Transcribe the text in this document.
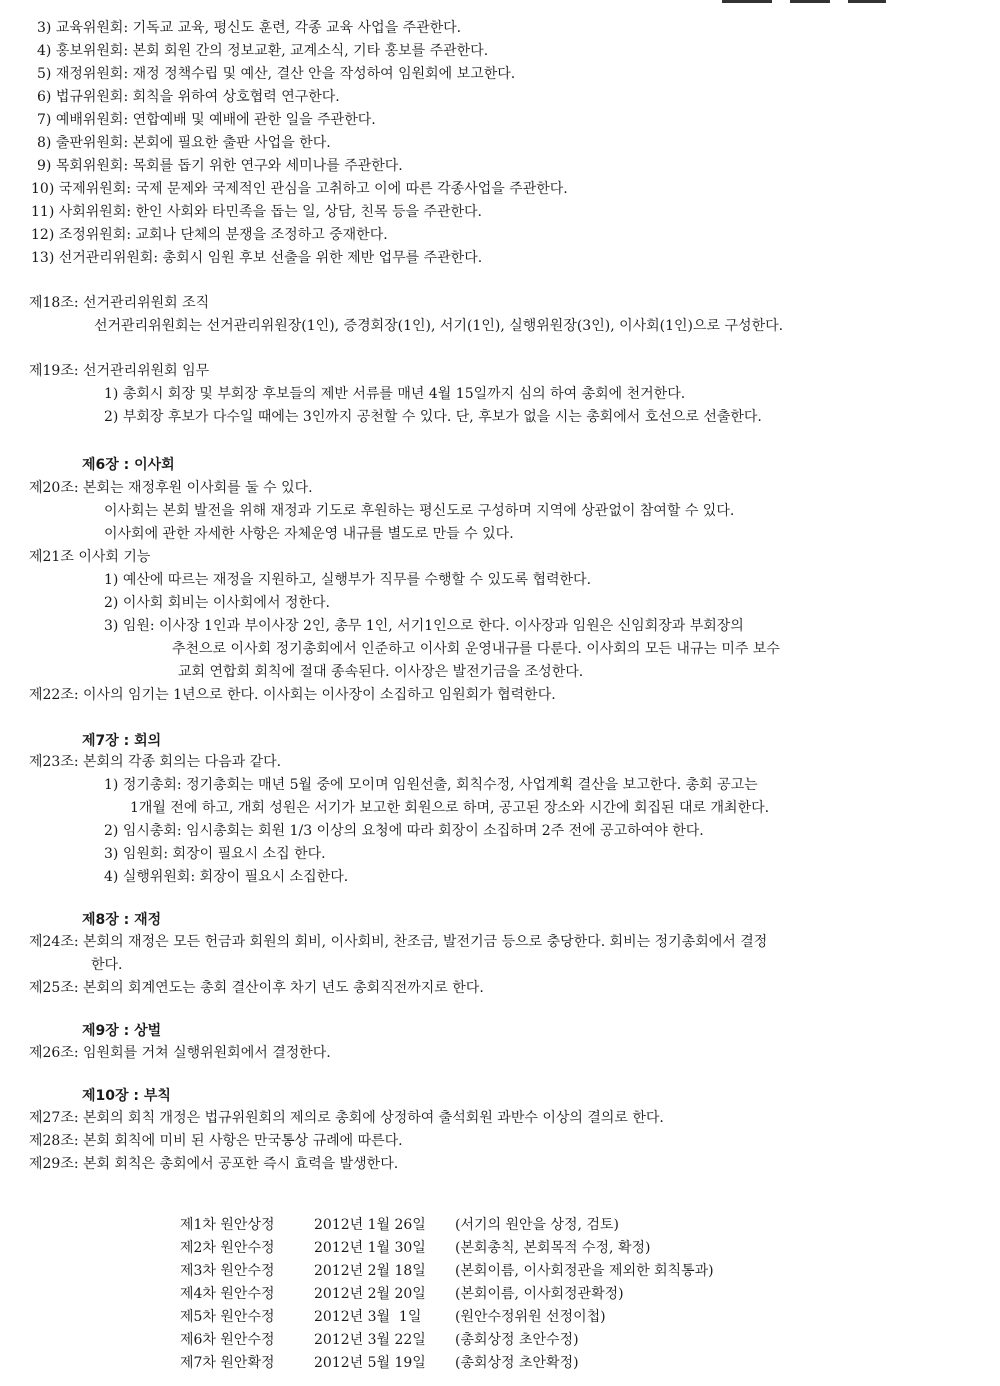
3) 교육위원회: 기독교 교육, 평신도 훈련, 각종 교육 사업을 주관한다.
4) 홍보위원회: 본회 회원 간의 정보교환, 교계소식, 기타 홍보를 주관한다.
5) 재정위원회: 재정 정책수립 및 예산, 결산 안을 작성하여 임원회에 보고한다.
6) 법규위원회: 회칙을 위하여 상호협력 연구한다.
7) 예배위원회: 연합예배 및 예배에 관한 일을 주관한다.
8) 출판위원회: 본회에 필요한 출판 사업을 한다.
9) 목회위원회: 목회를 돕기 위한 연구와 세미나를 주관한다.
10) 국제위원회: 국제 문제와 국제적인 관심을 고취하고 이에 따른 각종사업을 주관한다.
11) 사회위원회: 한인 사회와 타민족을 돕는 일, 상담, 친목 등을 주관한다.
12) 조정위원회: 교회나 단체의 분쟁을 조정하고 중재한다.
13) 선거관리위원회: 총회시 임원 후보 선출을 위한 제반 업무를 주관한다.
제18조: 선거관리위원회 조직
선거관리위원회는 선거관리위원장(1인), 증경회장(1인), 서기(1인), 실행위원장(3인), 이사회(1인)으로 구성한다.
제19조: 선거관리위원회 임무
1) 총회시 회장 및 부회장 후보들의 제반 서류를 매년 4월 15일까지 심의 하여 총회에 천거한다.
2) 부회장 후보가 다수일 때에는 3인까지 공천할 수 있다. 단, 후보가 없을 시는 총회에서 호선으로 선출한다.
제6장 : 이사회
제20조: 본회는 재정후원 이사회를 둘 수 있다.
이사회는 본회 발전을 위해 재정과 기도로 후원하는 평신도로 구성하며 지역에 상관없이 참여할 수 있다.
이사회에 관한 자세한 사항은 자체운영 내규를 별도로 만들 수 있다.
제21조 이사회 기능
1) 예산에 따르는 재정을 지원하고, 실행부가 직무를 수행할 수 있도록 협력한다.
2) 이사회 회비는 이사회에서 정한다.
3) 임원: 이사장 1인과 부이사장 2인, 총무 1인, 서기1인으로 한다. 이사장과 임원은 신임회장과 부회장의
추천으로 이사회 정기총회에서 인준하고 이사회 운영내규를 다룬다. 이사회의 모든 내규는 미주 보수
교회 연합회 회칙에 절대 종속된다. 이사장은 발전기금을 조성한다.
제22조: 이사의 임기는 1년으로 한다. 이사회는 이사장이 소집하고 임원회가 협력한다.
제7장 : 회의
제23조: 본회의 각종 회의는 다음과 같다.
1) 정기총회: 정기총회는 매년 5월 중에 모이며 임원선출, 회칙수정, 사업계획 결산을 보고한다. 총회 공고는
1개월 전에 하고, 개회 성원은 서기가 보고한 회원으로 하며, 공고된 장소와 시간에 회집된 대로 개최한다.
2) 임시총회: 임시총회는 회원 1/3 이상의 요청에 따라 회장이 소집하며 2주 전에 공고하여야 한다.
3) 임원회: 회장이 필요시 소집 한다.
4) 실행위원회: 회장이 필요시 소집한다.
제8장 : 재정
제24조: 본회의 재정은 모든 헌금과 회원의 회비, 이사회비, 찬조금, 발전기금 등으로 충당한다. 회비는 정기총회에서 결정
한다.
제25조: 본회의 회계연도는 총회 결산이후 차기 년도 총회직전까지로 한다.
제9장 : 상벌
제26조: 임원회를 거쳐 실행위원회에서 결정한다.
제10장 : 부칙
제27조: 본회의 회칙 개정은 법규위원회의 제의로 총회에 상정하여 출석회원 과반수 이상의 결의로 한다.
제28조: 본회 회칙에 미비 된 사항은 만국통상 규례에 따른다.
제29조: 본회 회칙은 총회에서 공포한 즉시 효력을 발생한다.
제1차 원안상정	2012년 1월 26일 (서기의 원안을 상정, 검토)
제2차 원안수정	2012년 1월 30일 (본회총칙, 본회목적 수정, 확정)
제3차 원안수정	2012년 2월 18일 (본회이름, 이사회정관을 제외한 회칙통과)
제4차 원안수정	2012년 2월 20일 (본회이름, 이사회정관확정)
제5차 원안수정	2012년 3월  1일 (원안수정위원 선정이첩)
제6차 원안수정	2012년 3월 22일 (총회상정 초안수정)
제7차 원안확정	2012년 5월 19일 (총회상정 초안확정)
